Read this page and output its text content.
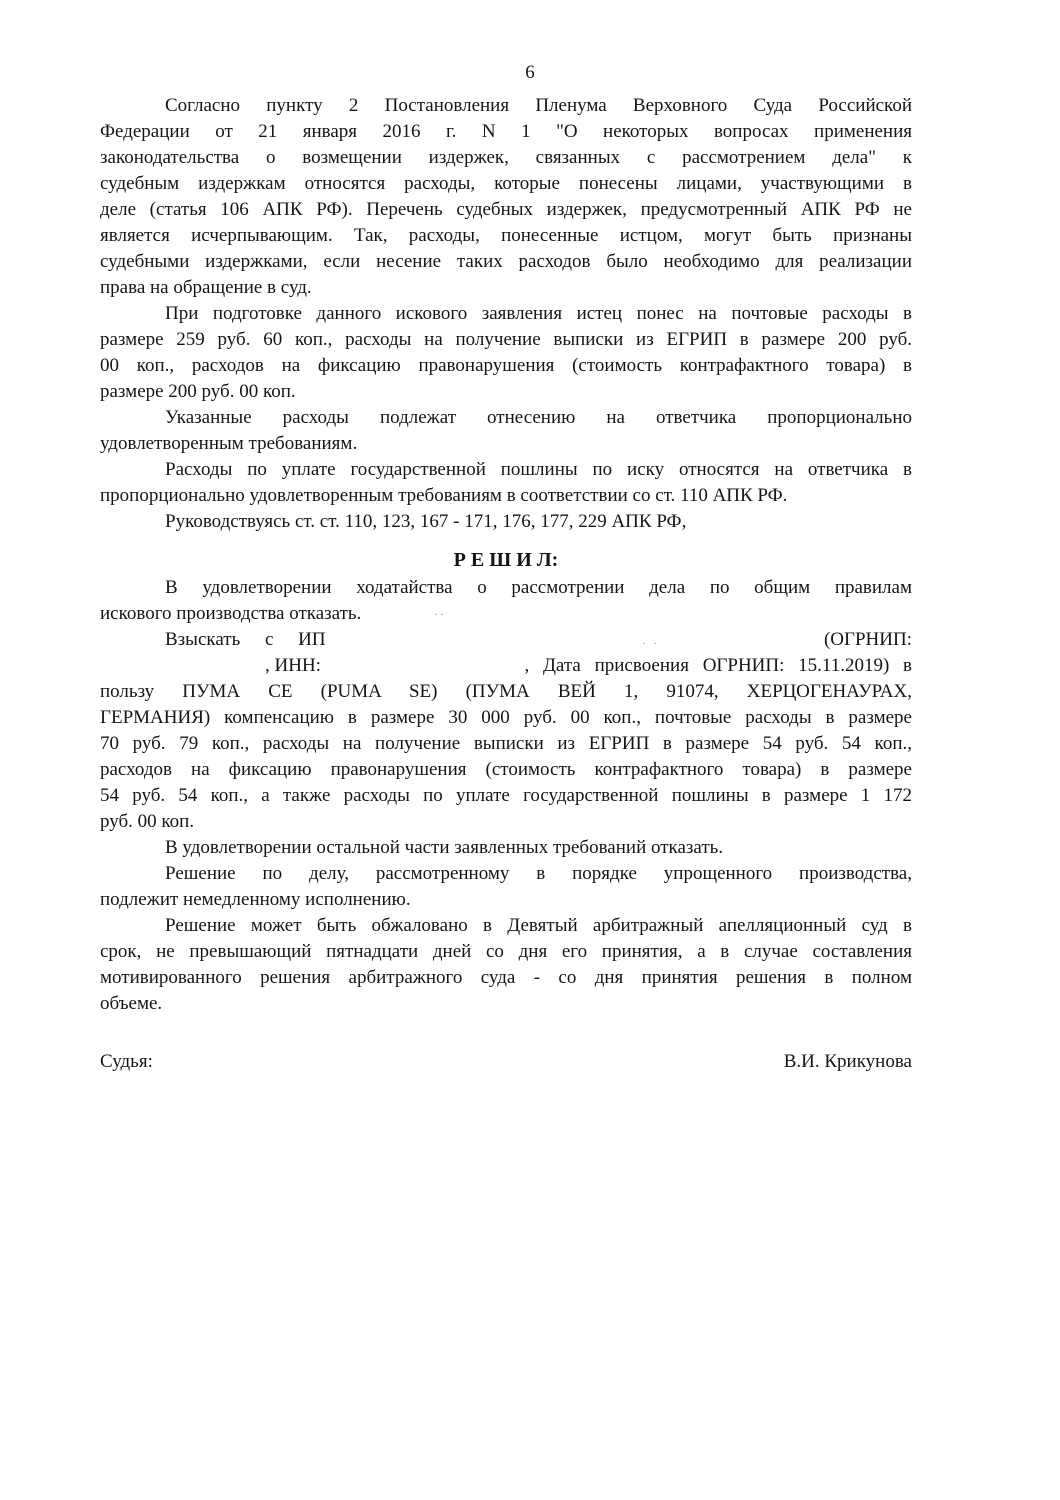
6
Согласно пункту 2 Постановления Пленума Верховного Суда Российской
Федерации от 21 января 2016 г. N 1 "О некоторых вопросах применения
законодательства о возмещении издержек, связанных с рассмотрением дела" к
судебным издержкам относятся расходы, которые понесены лицами, участвующими в
деле (статья 106 АПК РФ). Перечень судебных издержек, предусмотренный АПК РФ не
является исчерпывающим. Так, расходы, понесенные истцом, могут быть признаны
судебными издержками, если несение таких расходов было необходимо для реализации
права на обращение в суд.
При подготовке данного искового заявления истец понес на почтовые расходы в
размере 259 руб. 60 коп., расходы на получение выписки из ЕГРИП в размере 200 руб.
00 коп., расходов на фиксацию правонарушения (стоимость контрафактного товара) в
размере 200 руб. 00 коп.
Указанные расходы подлежат отнесению на ответчика пропорционально
удовлетворенным требованиям.
Расходы по уплате государственной пошлины по иску относятся на ответчика в
пропорционально удовлетворенным требованиям в соответствии со ст. 110 АПК РФ.
Руководствуясь ст. ст. 110, 123, 167 - 171, 176, 177, 229 АПК РФ,
Р Е Ш И Л:
В удовлетворении ходатайства о рассмотрении дела по общим правилам
искового производства отказать.
Взыскать с ИП	(ОГРНИП:
, ИНН:	, Дата присвоения ОГРНИП: 15.11.2019) в
пользу ПУМА СЕ (PUMA SE) (ПУМА ВЕЙ 1, 91074, ХЕРЦОГЕНАУРАХ,
ГЕРМАНИЯ) компенсацию в размере 30 000 руб. 00 коп., почтовые расходы в размере
70 руб. 79 коп., расходы на получение выписки из ЕГРИП в размере 54 руб. 54 коп.,
расходов на фиксацию правонарушения (стоимость контрафактного товара) в размере
54 руб. 54 коп., а также расходы по уплате государственной пошлины в размере 1 172
руб. 00 коп.
В удовлетворении остальной части заявленных требований отказать.
Решение по делу, рассмотренному в порядке упрощенного производства,
подлежит немедленному исполнению.
Решение может быть обжаловано в Девятый арбитражный апелляционный суд в
срок, не превышающий пятнадцати дней со дня его принятия, а в случае составления
мотивированного решения арбитражного суда - со дня принятия решения в полном
объеме.
Судья:	В.И. Крикунова
..
. .
